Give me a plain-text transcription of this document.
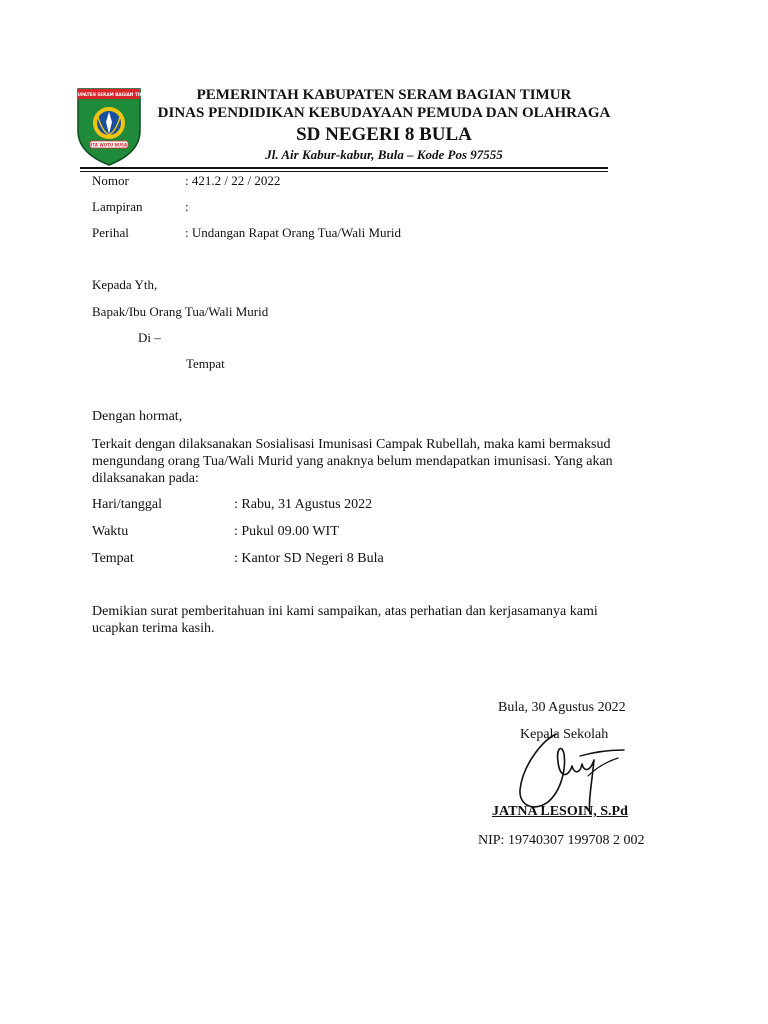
KABUPATEN SERAM BAGIAN TIMUR
ITA WOTU NUSA
PEMERINTAH KABUPATEN SERAM BAGIAN TIMUR
DINAS PENDIDIKAN KEBUDAYAAN PEMUDA DAN OLAHRAGA
SD NEGERI 8 BULA
Jl. Air Kabur-kabur, Bula – Kode Pos 97555
Nomor	: 421.2 / 22 / 2022
Lampiran	:
Perihal	: Undangan Rapat Orang Tua/Wali Murid
Kepada Yth,
Bapak/Ibu Orang Tua/Wali Murid
Di –
Tempat
Dengan hormat,
Terkait dengan dilaksanakan Sosialisasi Imunisasi Campak Rubellah, maka kami bermaksud
mengundang orang Tua/Wali Murid yang anaknya belum mendapatkan imunisasi. Yang akan
dilaksanakan pada:
Hari/tanggal	: Rabu, 31 Agustus 2022
Waktu	: Pukul 09.00 WIT
Tempat	: Kantor SD Negeri 8 Bula
Demikian surat pemberitahuan ini kami sampaikan, atas perhatian dan kerjasamanya kami
ucapkan terima kasih.
Bula, 30 Agustus 2022
Kepala Sekolah
JATNA LESOIN, S.Pd
NIP: 19740307 199708 2 002
